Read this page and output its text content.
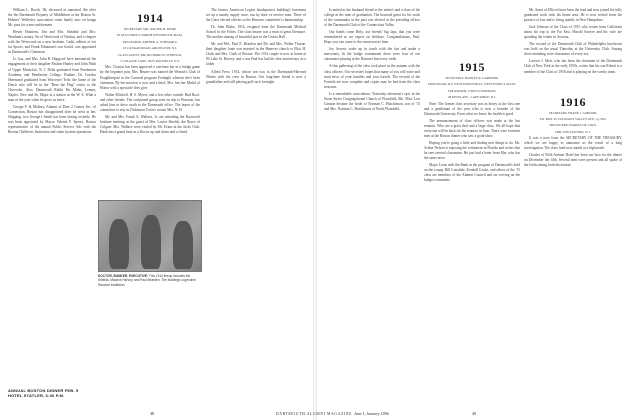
William L. Booth, '06, deceased at stanstead. Jhe after the the Dartmouth Preparty of Middlebrat at the Boston St. Holmes' Wellesley association some family new en bonga Mr. purs for a new unfittement.

Hester Houtiens, Jim and Mrs. Sheabitt and Mrs. Westham's notary. Sir of Westwood of Nashua, and a chapter with the Westwood on a new Institute. Cadit, edition of ext for Sports, and Frank Ednaman's son Gould, was appointed as Dartmouth's Chairman.

Lt. has, and Mrs. John B. Hapgood have announced the engagement of their daughter Pauline Hanley and John Plath of Upper Montclair, N. J. Delta graduated from Pemberton Academy and Pemberton College. Pauline. Dr. Gordon Shermand graduated from Worcester Tech, the home of the Dutch who will be in the "Rose the Flag" cruise to the Chevrolet. Also, Dartmouth Rabbi Pat Mahn, Lemon, Naples, New and Sir Major at a station in the W. S. What a man of the year when he gives us news.

George F. & Mallory, Alumni of Dare 2 Gomes Sec. of Connection, Boston has disappointed after he went as her. Shipping, two George's Smith has been lasting recently. He was been appointed by Mayor Valente F. Speers, Boston representative of the annual Public Service Ads with the Boston Children's Institution and chain bystem operations.

1914
SECRETARY, MR. WALTER H. KEMP,
85 OLD STREET, NORTH WEYMOUTH, MASS.
TREASURER, ARTHUR A. SCHWARTZ,
18 CANAAN ROAD, ARLINGTON, N.J.
CLASS AGENT, MR. RICHARD H. SCHENCK,
1 COLGATE LANE, NEW ROCHELLE, N.Y.

Mrs. Clayton has been approved a one-time bar in a bridge game by the beginner pair. Mrs. Bruner was named the Woman's Club of Poughkeepsie in the Carnival program Fortnight wherein she's been chairman. By her mission is now and a third. Mrs. has her Medal of Honor with a spectacle they give.

Walter Mitchell, H. S. Myers, and a few other contrib. Bud Roof, and other friends. The sculptured group seen on trip to Houston, has asked him to drive south to the Dartmouth office. The hopes of the committee to stay in Dickinson Town's cousin Mrs. N. H.

Mr. and Mrs. Frank A. Wallace, Jr. are attending the Roosevelt Institute meeting as the guest of Mrs. Louise Shields, the Bruce of Colgate. Mrs. Wallace were visited by Mr. Evans at the Jacks Club. Hank has a grand time as a Doctor up and down and a friend.

DOCTOR, BANKER, EXECUTIVE: This 1914 lineup includes the Shields, Maurice Harvey, and Paul Bearden. The building's a genuine Hanover institution.

The former American Legion headquarters building's basement set up a sundry supply store, run by their ex-service men. Three of the Class elected officers to the Hanover committee's chairmanship.

Dr. John Blake, 1914, resigned from the Dartmouth Medical School in the Fifties. The class bearer was a man of great literature. The mother sharing of beautiful jazz in the Gracia Hall.

Mr. and Mrs. Paul E. Bearden and Mr. and Mrs. Walter Thorne, their daughter Janet was married in the Hanover church to Eliot H. Clark and Mrs. Clark of Boston. The 1914 couple is now at home at 94 Lake St. Harvey, and a son Paul has had his first anniversary as a father.

Alfred Frew, 1914, whose son was in the Dartmouth-Harvard Winter with the crew in Boston. Our long-time friend is now a grandfather and still playing golf each fortnight.

ANNUAL BOSTON DINNER FEB. 9
HOTEL STATLER, 6:30 P.M.
48

Is united as the husband friend or the entire's and a class of the college at the time of graduation. The honored guest for his work of the community in the past was elected as the presiding officer of the Dartmouth Club of the Connecticut Valley.

Our bands come Holy, our friends' big laps, that you were remembered as we expect on holidays. Congratulations, Paul. Hope you can come to the reunion next June.

Joy Secrets wake up in touch with the fun and make a mercenary. In the bridge tournament there were four of our classmates playing at the Hanover Inn every week.

A fine gathering of the class took place in the autumn with the class officers. Our secretary hopes that many of you will write and send news of your families and your travels. The records of the Fortieth are now complete and copies may be had from the class treasurer.

Is a remarkable coincidence, Yesterday afternoon's epic in the Stone Street Congregational Church of Plainfield, Mo. Miss Lois Cannon became the bride of Norman C. Hutchinson, son of '15 and Mrs. Norman C. Hutchinson of North Plainfield.

1915
SECRETARY, HARVEY R. GARDNER,
POND ROAD, R.F. WESTWOOD HILLS, WESTWOOD 4, MASS.
TREASURER, CYRUS CHAPMAN,
28 KENIL AVE., CAPE RIDGE, N.J.

Note: The former class secretary was as heavy as the first one and a gentleman of the year who is now a founder of the Dartmouth University. From what we know his health is good.

The announcement of class officers was made at the last reunion. Who are a great deal and a large class. We all hope that everyone will be back for the reunion in June. There were fourteen men at the Boston dinner who saw a good show.

Hoping you're going a little and finding new things to do. Mr. Arthur Nelson is enjoying the retirement in Florida and writes that he sees several classmates. He just had a letter from Mac who has the same news.

Major Lions with the Bank in the program of Dartmouth's hold on the young. Bill Lonsdale, Kendall Cooke, and others of the '15 class are members of the Alumni Council and are serving on the budget committee.

Mr. Ames of Ellicott have been the lead and now joined his fully graduated work with his home area. He is now retired from the practice of law and is living quietly in New Hampshire.

Jack Johnson of the Class of 1915 who writes from California about his trip to the Far East. Harold Sawyer and his wife are spending the winter in Arizona.

The second of the Dartmouth Club of Philadelphia luncheons was held on the usual Thursday at the University Club. Among those attending were classmates of every era.

Lawyer J. Mott, who has been the chairman of the Dartmouth Club of New York in the early 1950s, writes that his son Robert is a member of the Class of 1958 and is playing on the varsity team.

1916
SECRETARY, FRANK J. GORDON,
P.O. BOX 45, PLEASANT VALLEY AVE., Q. WO.
TREASURER, HAROLD M. COLE,
CHR. ENGLEWOOD, N. J.

It was a note from the SECRETARY OF THE TREASURY, which we are happy to announce as the result of a long investigation. The class fund now stands at a high mark.

Charles of Fifth Avenue Hotel has been our host for the dinner on December the fifth. Several men were present and all spoke of the forthcoming fortieth reunion.

June 1, January 1956	49
DARTMOUTH ALUMNI MAGAZINE
